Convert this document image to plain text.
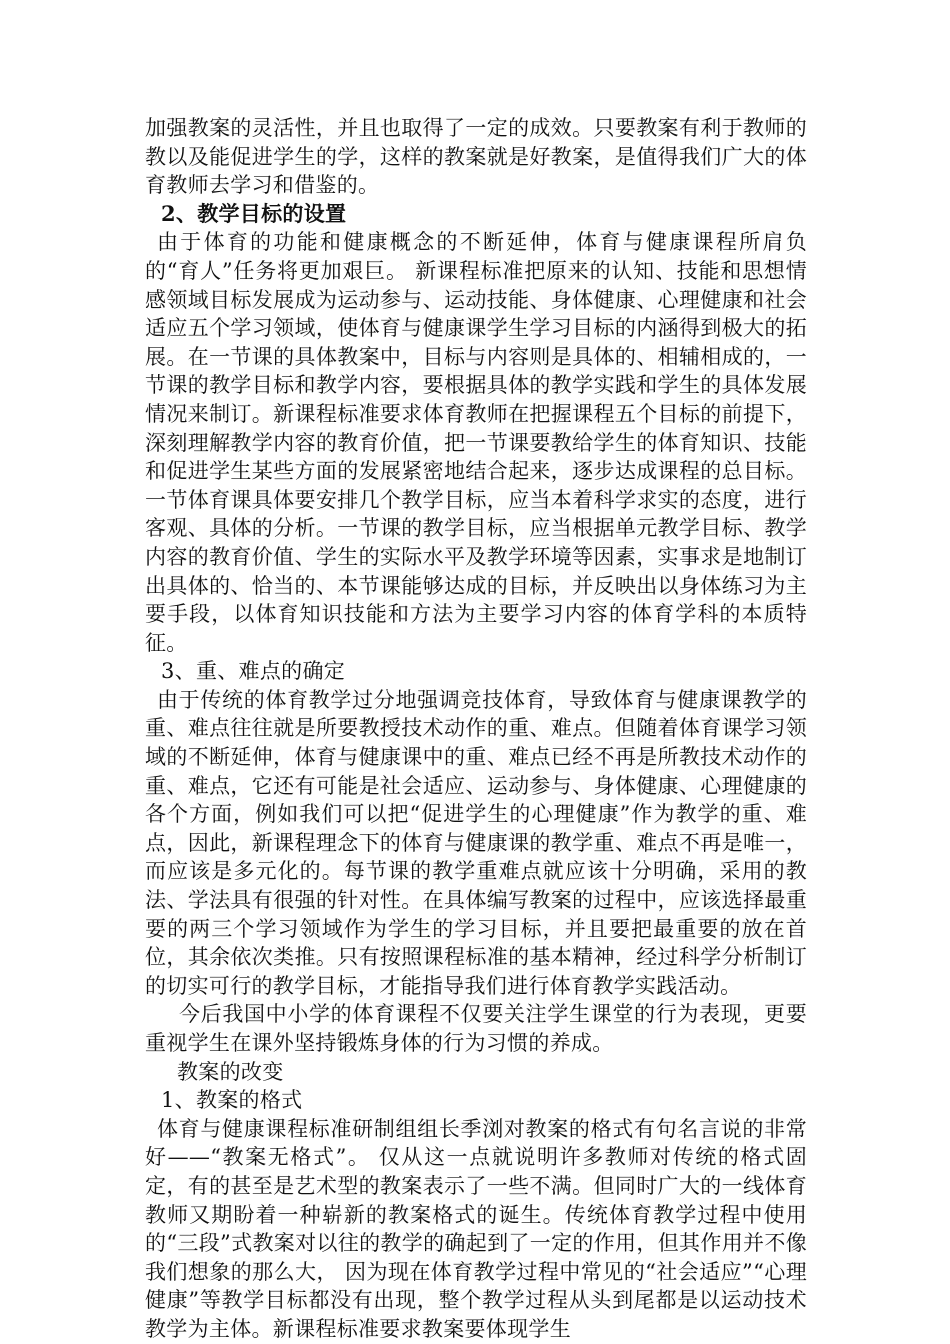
加强教案的灵活性，并且也取得了一定的成效。只要教案有利于教师的教以及能促进学生的学，这样的教案就是好教案，是值得我们广大的体育教师去学习和借鉴的。

2、教学目标的设置

由于体育的功能和健康概念的不断延伸，体育与健康课程所肩负的“育人”任务将更加艰巨。 新课程标准把原来的认知、技能和思想情感领域目标发展成为运动参与、运动技能、身体健康、心理健康和社会适应五个学习领域，使体育与健康课学生学习目标的内涵得到极大的拓展。在一节课的具体教案中，目标与内容则是具体的、相辅相成的，一节课的教学目标和教学内容，要根据具体的教学实践和学生的具体发展情况来制订。新课程标准要求体育教师在把握课程五个目标的前提下，深刻理解教学内容的教育价值，把一节课要教给学生的体育知识、技能和促进学生某些方面的发展紧密地结合起来，逐步达成课程的总目标。一节体育课具体要安排几个教学目标，应当本着科学求实的态度，进行客观、具体的分析。一节课的教学目标，应当根据单元教学目标、教学内容的教育价值、学生的实际水平及教学环境等因素，实事求是地制订出具体的、恰当的、本节课能够达成的目标，并反映出以身体练习为主要手段，以体育知识技能和方法为主要学习内容的体育学科的本质特征。

3、重、难点的确定

由于传统的体育教学过分地强调竞技体育，导致体育与健康课教学的重、难点往往就是所要教授技术动作的重、难点。但随着体育课学习领域的不断延伸，体育与健康课中的重、难点已经不再是所教技术动作的重、难点，它还有可能是社会适应、运动参与、身体健康、心理健康的各个方面，例如我们可以把“促进学生的心理健康”作为教学的重、难点，因此，新课程理念下的体育与健康课的教学重、难点不再是唯一，而应该是多元化的。每节课的教学重难点就应该十分明确，采用的教法、学法具有很强的针对性。在具体编写教案的过程中，应该选择最重要的两三个学习领域作为学生的学习目标，并且要把最重要的放在首位，其余依次类推。只有按照课程标准的基本精神，经过科学分析制订的切实可行的教学目标，才能指导我们进行体育教学实践活动。

今后我国中小学的体育课程不仅要关注学生课堂的行为表现，更要重视学生在课外坚持锻炼身体的行为习惯的养成。

教案的改变

1、教案的格式

体育与健康课程标准研制组组长季浏对教案的格式有句名言说的非常好——“教案无格式”。 仅从这一点就说明许多教师对传统的格式固定，有的甚至是艺术型的教案表示了一些不满。但同时广大的一线体育教师又期盼着一种崭新的教案格式的诞生。传统体育教学过程中使用的“三段”式教案对以往的教学的确起到了一定的作用，但其作用并不像我们想象的那么大， 因为现在体育教学过程中常见的“社会适应”“心理健康”等教学目标都没有出现，整个教学过程从头到尾都是以运动技术教学为主体。新课程标准要求教案要体现学生
